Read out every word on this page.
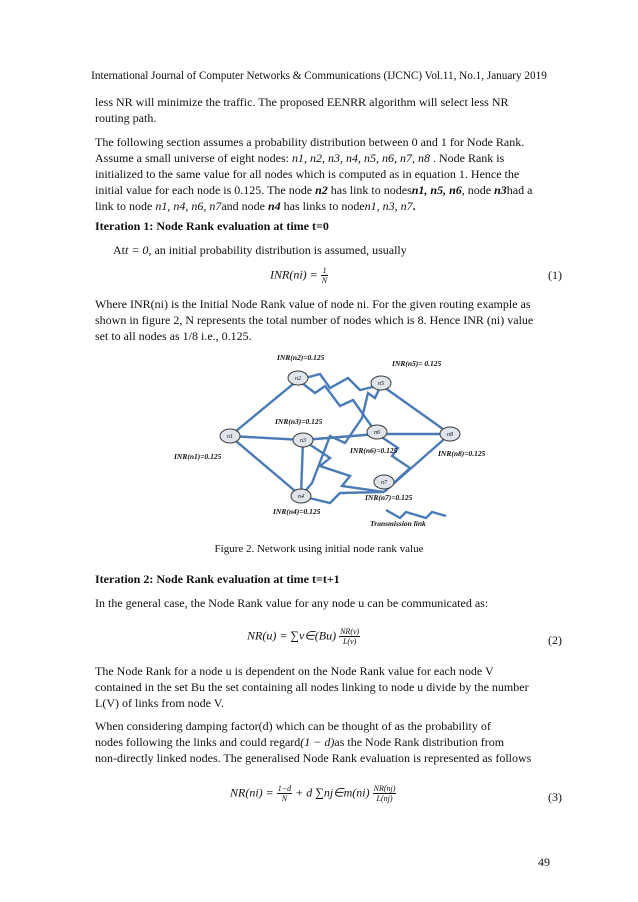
International Journal of Computer Networks & Communications (IJCNC) Vol.11, No.1, January 2019
less NR will minimize the traffic. The proposed EENRR algorithm will select less NR
routing path.
The following section assumes a probability distribution between 0 and 1 for Node Rank.
Assume a small universe of eight nodes: n1, n2, n3, n4, n5, n6, n7, n8 . Node Rank is
initialized to the same value for all nodes which is computed as in equation 1. Hence the
initial value for each node is 0.125. The node n2 has link to nodesn1, n5, n6, node n3had a
link to node n1, n4, n6, n7and node n4 has links to noden1, n3, n7.
Iteration 1: Node Rank evaluation at time t=0
Att = 0, an initial probability distribution is assumed, usually
$INR(ni) = \frac{1}{N}$	(1)
Where INR(ni) is the Initial Node Rank value of node ni. For the given routing example as
shown in figure 2, N represents the total number of nodes which is 8. Hence INR (ni) value
set to all nodes as 1/8 i.e., 0.125.
n2
n5
n1
n3
n6	n8
n7
n4
INR(n2)=0.125
INR(n5)= 0.125
INR(n3)=0.125
INR(n6)=0.125
INR(n1)=0.125	INR(n8)=0.125
INR(n7)=0.125
INR(n4)=0.125
Transmission link
Figure 2. Network using initial node rank value
Iteration 2: Node Rank evaluation at time t=t+1
In the general case, the Node Rank value for any node u can be communicated as:
NR(u) = ∑v∈(Bu) $\frac{NR(v)}{L(v)}$	(2)
The Node Rank for a node u is dependent on the Node Rank value for each node V
contained in the set Bu the set containing all nodes linking to node u divide by the number
L(V) of links from node V.
When considering damping factor(d) which can be thought of as the probability of
nodes following the links and could regard(1 − d)as the Node Rank distribution from
non-directly linked nodes. The generalised Node Rank evaluation is represented as follows
$NR(ni) = \frac{1-d}{N} + d$ ∑nj∈m(ni) $\frac{NR(nj)}{L(nj)}$	(3)
49
